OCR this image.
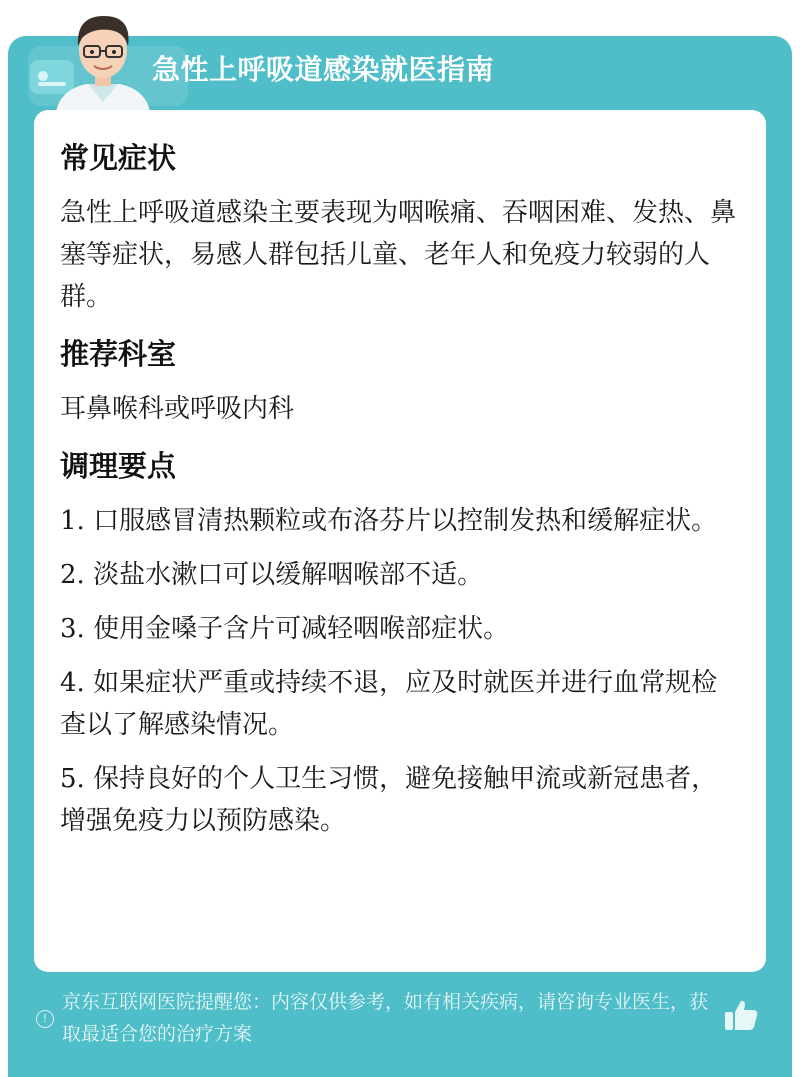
急性上呼吸道感染就医指南
常见症状
急性上呼吸道感染主要表现为咽喉痛、吞咽困难、发热、鼻塞等症状，易感人群包括儿童、老年人和免疫力较弱的人群。
推荐科室
耳鼻喉科或呼吸内科
调理要点
1. 口服感冒清热颗粒或布洛芬片以控制发热和缓解症状。
2. 淡盐水漱口可以缓解咽喉部不适。
3. 使用金嗓子含片可减轻咽喉部症状。
4. 如果症状严重或持续不退，应及时就医并进行血常规检查以了解感染情况。
5. 保持良好的个人卫生习惯，避免接触甲流或新冠患者，增强免疫力以预防感染。
!
京东互联网医院提醒您：内容仅供参考，如有相关疾病，请咨询专业医生，获取最适合您的治疗方案
